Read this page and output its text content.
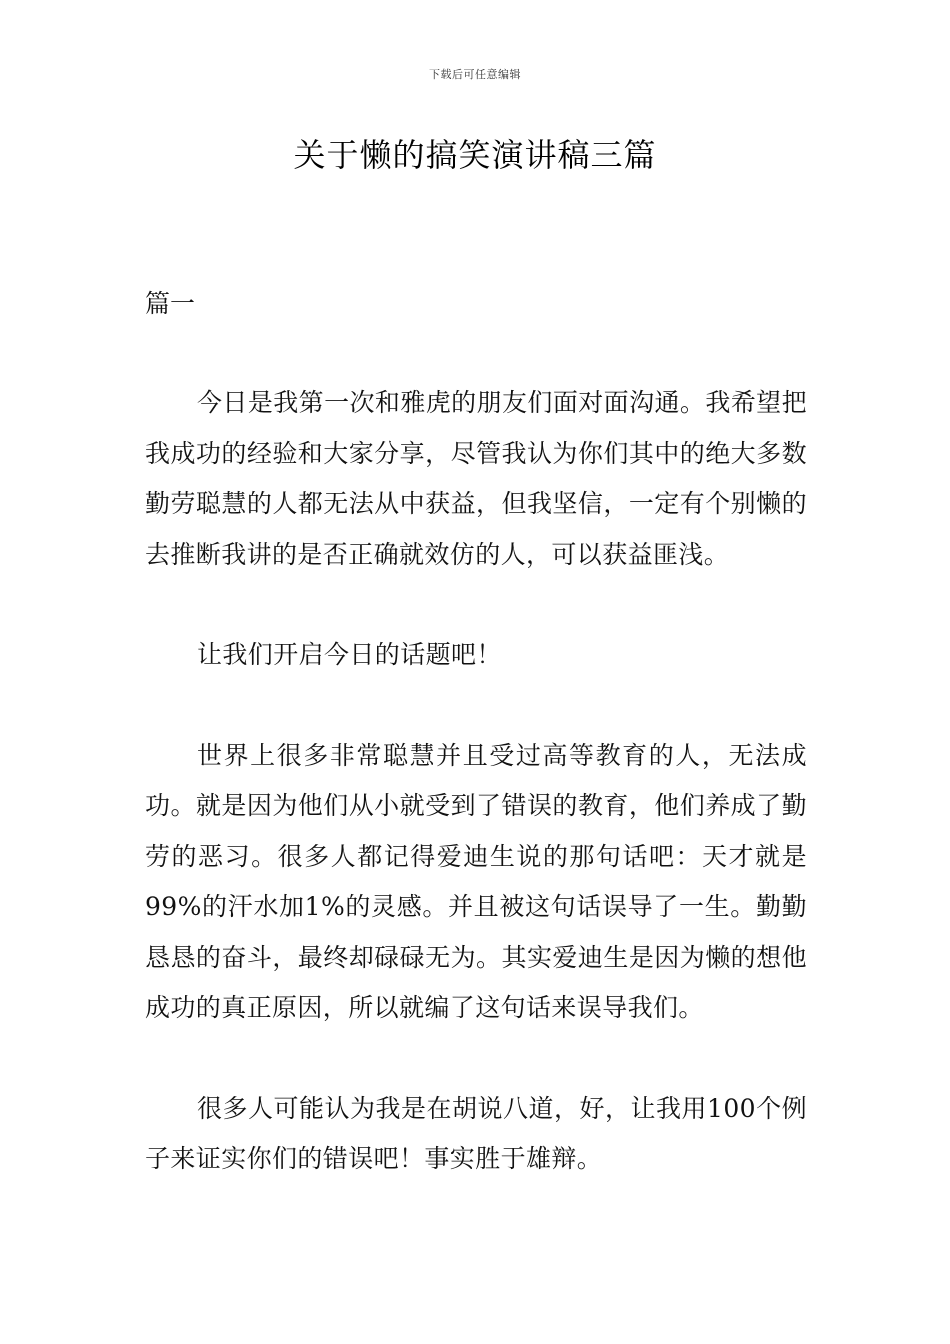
下载后可任意编辑
关于懒的搞笑演讲稿三篇
篇一

今日是我第一次和雅虎的朋友们面对面沟通。我希望把我成功的经验和大家分享，尽管我认为你们其中的绝大多数勤劳聪慧的人都无法从中获益，但我坚信，一定有个别懒的去推断我讲的是否正确就效仿的人，可以获益匪浅。

让我们开启今日的话题吧！

世界上很多非常聪慧并且受过高等教育的人，无法成功。就是因为他们从小就受到了错误的教育，他们养成了勤劳的恶习。很多人都记得爱迪生说的那句话吧：天才就是99%的汗水加1%的灵感。并且被这句话误导了一生。勤勤恳恳的奋斗，最终却碌碌无为。其实爱迪生是因为懒的想他成功的真正原因，所以就编了这句话来误导我们。

很多人可能认为我是在胡说八道，好，让我用100个例子来证实你们的错误吧！事实胜于雄辩。
